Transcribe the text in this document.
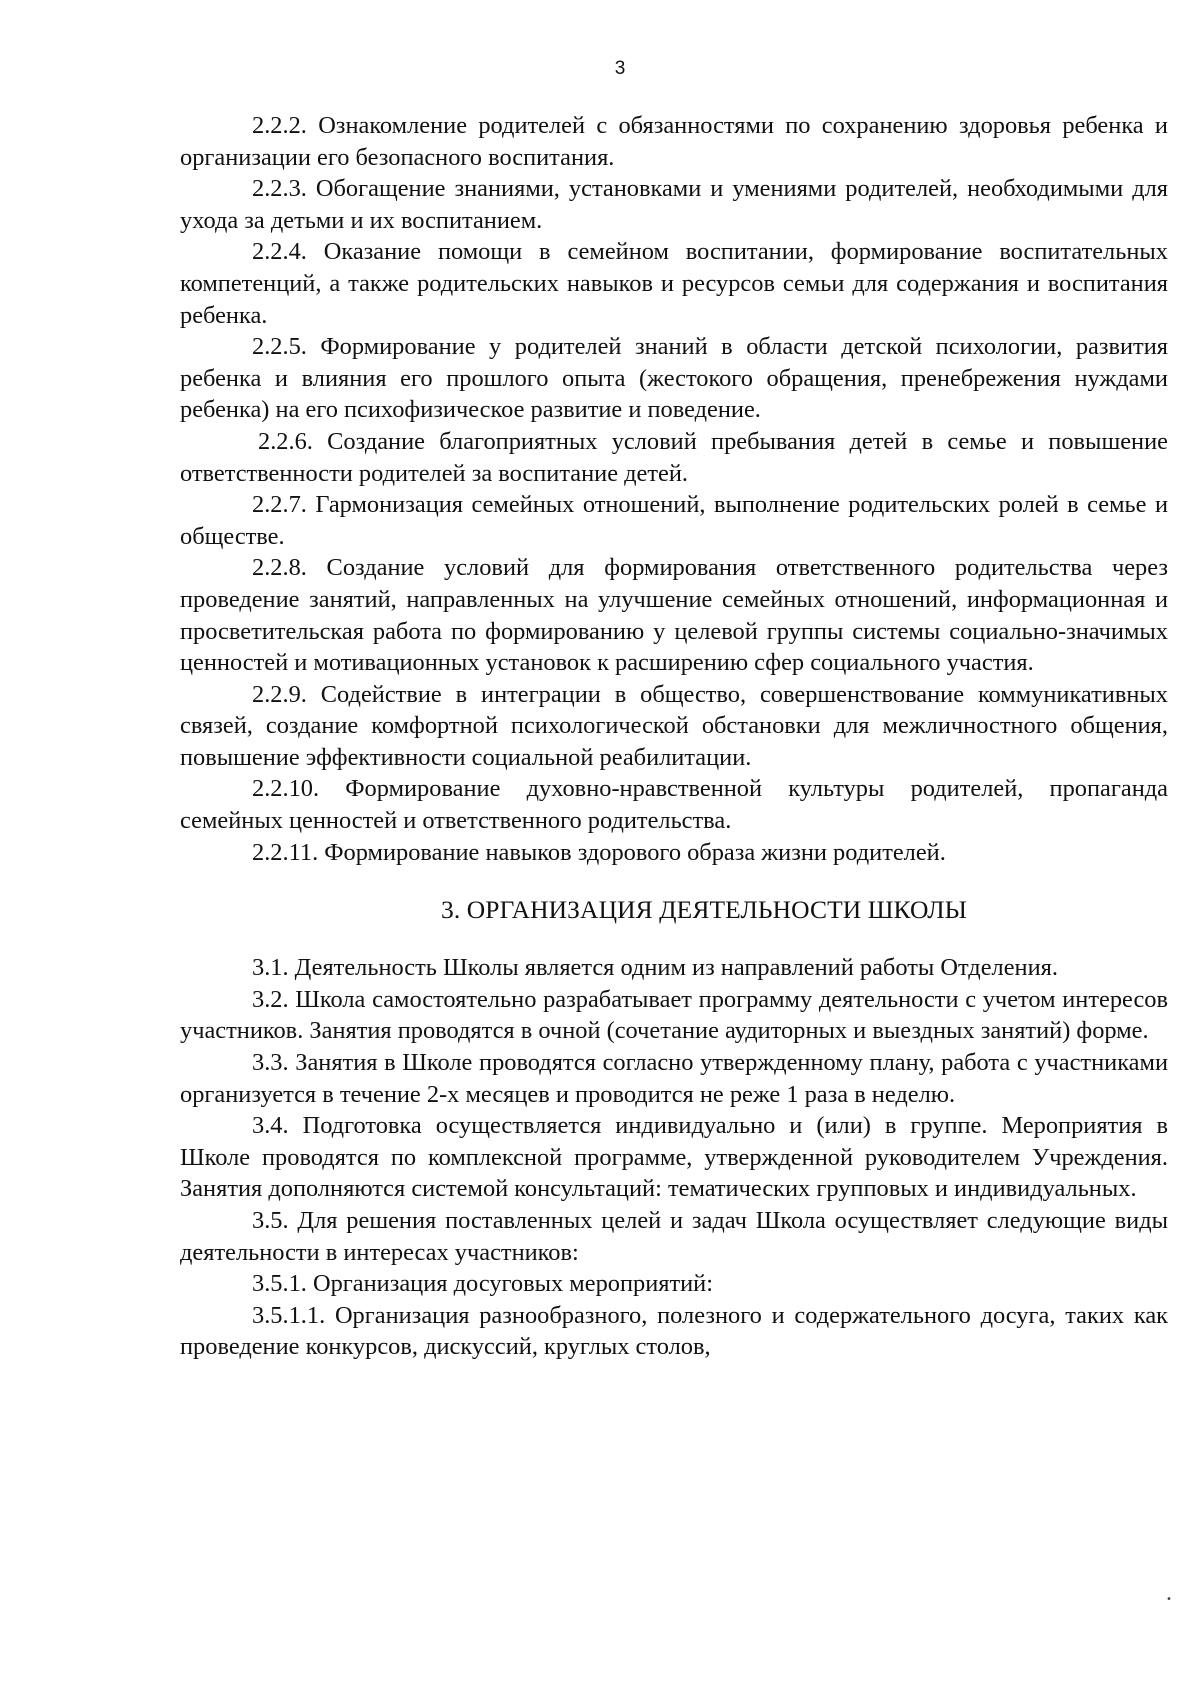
3

2.2.2. Ознакомление родителей с обязанностями по сохранению здоровья ребенка и организации его безопасного воспитания.

2.2.3. Обогащение знаниями, установками и умениями родителей, необходимыми для ухода за детьми и их воспитанием.

2.2.4. Оказание помощи в семейном воспитании, формирование воспитательных компетенций, а также родительских навыков и ресурсов семьи для содержания и воспитания ребенка.

2.2.5. Формирование у родителей знаний в области детской психологии, развития ребенка и влияния его прошлого опыта (жестокого обращения, пренебрежения нуждами ребенка) на его психофизическое развитие и поведение.

2.2.6. Создание благоприятных условий пребывания детей в семье и повышение ответственности родителей за воспитание детей.

2.2.7. Гармонизация семейных отношений, выполнение родительских ролей в семье и обществе.

2.2.8. Создание условий для формирования ответственного родительства через проведение занятий, направленных на улучшение семейных отношений, информационная и просветительская работа по формированию у целевой группы системы социально-значимых ценностей и мотивационных установок к расширению сфер социального участия.

2.2.9. Содействие в интеграции в общество, совершенствование коммуникативных связей, создание комфортной психологической обстановки для межличностного общения, повышение эффективности социальной реабилитации.

2.2.10. Формирование духовно-нравственной культуры родителей, пропаганда семейных ценностей и ответственного родительства.

2.2.11. Формирование навыков здорового образа жизни родителей.

3. ОРГАНИЗАЦИЯ ДЕЯТЕЛЬНОСТИ ШКОЛЫ

3.1. Деятельность Школы является одним из направлений работы Отделения.

3.2. Школа самостоятельно разрабатывает программу деятельности с учетом интересов участников. Занятия проводятся в очной (сочетание аудиторных и выездных занятий) форме.

3.3. Занятия в Школе проводятся согласно утвержденному плану, работа с участниками организуется в течение 2-х месяцев и проводится не реже 1 раза в неделю.

3.4. Подготовка осуществляется индивидуально и (или) в группе. Мероприятия в Школе проводятся по комплексной программе, утвержденной руководителем Учреждения. Занятия дополняются системой консультаций: тематических групповых и индивидуальных.

3.5. Для решения поставленных целей и задач Школа осуществляет следующие виды деятельности в интересах участников:

3.5.1. Организация досуговых мероприятий:

3.5.1.1. Организация разнообразного, полезного и содержательного досуга, таких как проведение конкурсов, дискуссий, круглых столов,

•
